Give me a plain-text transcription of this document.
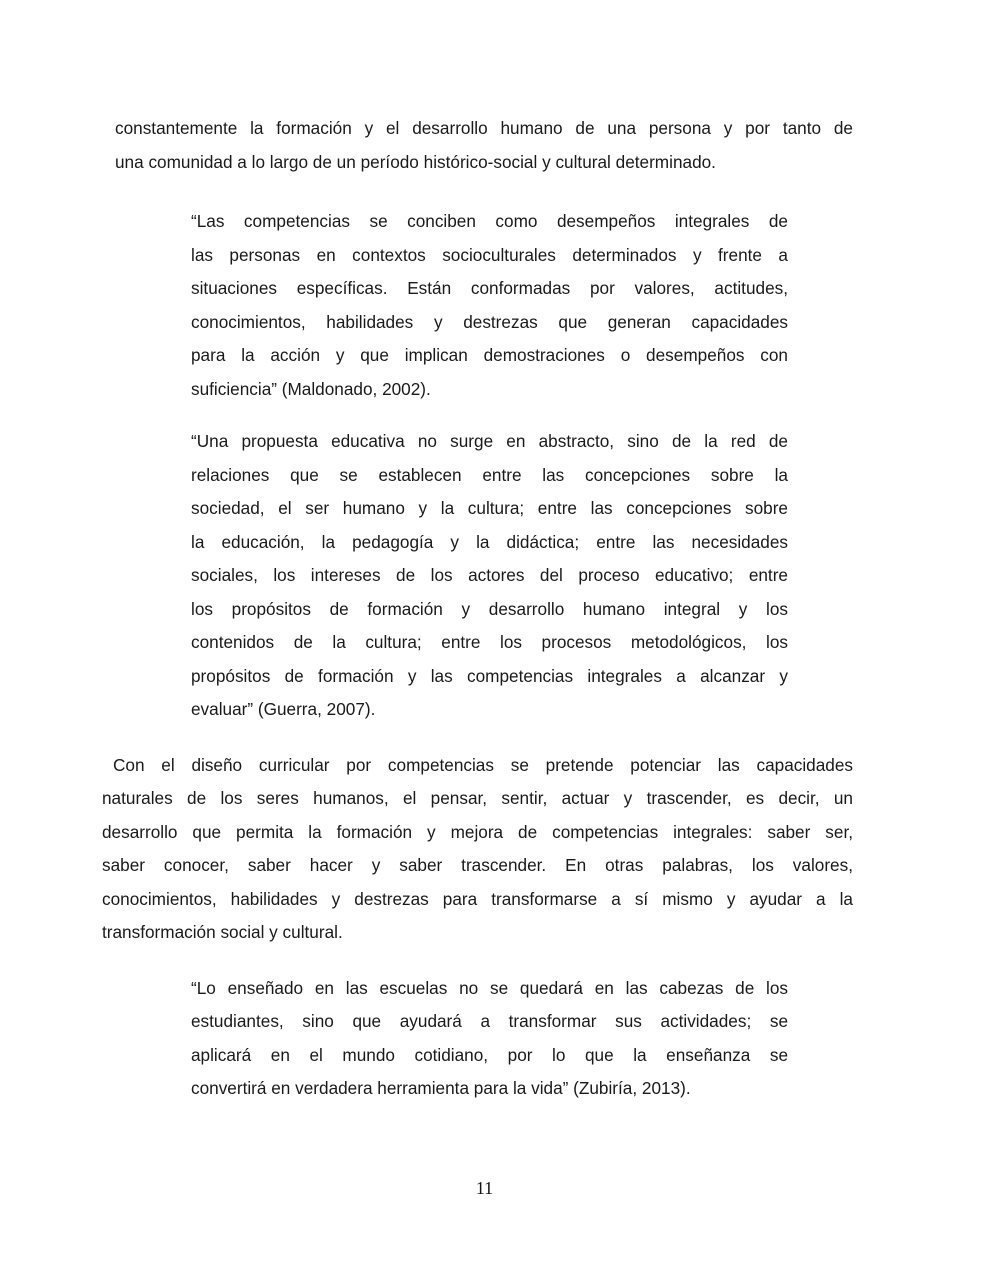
constantemente la formación y el desarrollo humano de una persona y por tanto de
una comunidad a lo largo de un período histórico-social y cultural determinado.
“Las competencias se conciben como desempeños integrales de
las personas en contextos socioculturales determinados y frente a
situaciones específicas. Están conformadas por valores, actitudes,
conocimientos, habilidades y destrezas que generan capacidades
para la acción y que implican demostraciones o desempeños con
suficiencia” (Maldonado, 2002).
“Una propuesta educativa no surge en abstracto, sino de la red de
relaciones que se establecen entre las concepciones sobre la
sociedad, el ser humano y la cultura; entre las concepciones sobre
la educación, la pedagogía y la didáctica; entre las necesidades
sociales, los intereses de los actores del proceso educativo; entre
los propósitos de formación y desarrollo humano integral y los
contenidos de la cultura; entre los procesos metodológicos, los
propósitos de formación y las competencias integrales a alcanzar y
evaluar” (Guerra, 2007).
Con el diseño curricular por competencias se pretende potenciar las capacidades
naturales de los seres humanos, el pensar, sentir, actuar y trascender, es decir, un
desarrollo que permita la formación y mejora de competencias integrales: saber ser,
saber conocer, saber hacer y saber trascender. En otras palabras, los valores,
conocimientos, habilidades y destrezas para transformarse a sí mismo y ayudar a la
transformación social y cultural.
“Lo enseñado en las escuelas no se quedará en las cabezas de los
estudiantes, sino que ayudará a transformar sus actividades; se
aplicará en el mundo cotidiano, por lo que la enseñanza se
convertirá en verdadera herramienta para la vida” (Zubiría, 2013).
11
